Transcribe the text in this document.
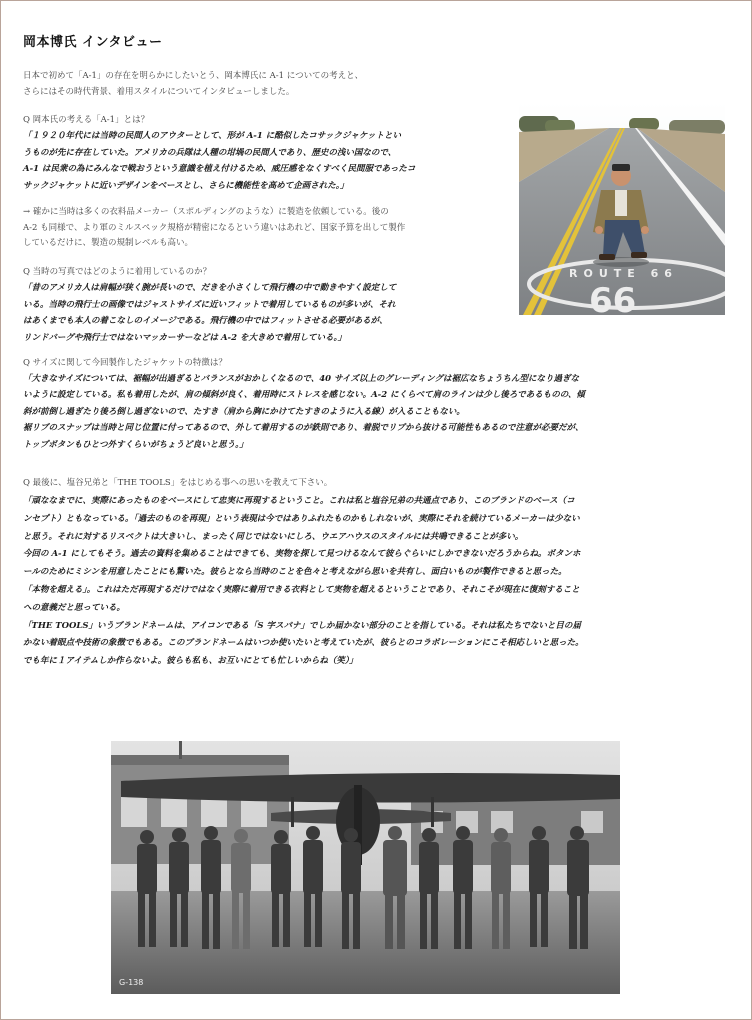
岡本博氏 インタビュー
日本で初めて「A-1」の存在を明らかにしたいとう、岡本博氏に A-1 についての考えと、
さらにはその時代背景、着用スタイルについてインタビューしました。
Q 岡本氏の考える「A-1」とは？
「１９２０年代には当時の民間人のアウターとして、形が A-1 に酷似したコサックジャケットとい
うものが先に存在していた。アメリカの兵隊は人種の坩堝の民間人であり、歴史の浅い国なので、
A-1 は民衆の為にみんなで戦おうという意識を植え付けるため、威圧感をなくすべく民間服であったコ
サックジャケットに近いデザインをベースとし、さらに機能性を高めて企画された。」
→ 確かに当時は多くの衣料品メーカー（スポルディングのような）に製造を依頼している。後の
A-2 も同様で、より軍のミルスペック規格が精密になるという違いはあれど、国家予算を出して製作
しているだけに、製造の規制レベルも高い。
Q 当時の写真ではどのように着用しているのか？
「昔のアメリカ人は肩幅が狭く腕が長いので、だきを小さくして飛行機の中で動きやすく設定して
いる。当時の飛行士の画像ではジャストサイズに近いフィットで着用しているものが多いが、それ
はあくまでも本人の着こなしのイメージである。飛行機の中ではフィットさせる必要があるが、
リンドバーグや飛行士ではないマッカーサーなどは A-2 を大きめで着用している。」
Q サイズに関して今回製作したジャケットの特徴は？
「大きなサイズについては、裾幅が出過ぎるとバランスがおかしくなるので、40 サイズ以上のグレーディングは裾広なちょうちん型になり過ぎな
いように設定している。私も着用したが、肩の傾斜が良く、着用時にストレスを感じない。A-2 にくらべて肩のラインは少し後ろであるものの、傾
斜が前倒し過ぎたり後ろ倒し過ぎないので、たすき（肩から胸にかけてたすきのように入る線）が入ることもない。
裾リブのスナップは当時と同じ位置に付ってあるので、外して着用するのが鉄則であり、着脱でリブから抜ける可能性もあるので注意が必要だが、
トップボタンもひとつ外すくらいがちょうど良いと思う。」
Q 最後に、塩谷兄弟と「THE TOOLS」をはじめる事への思いを教えて下さい。
「頑ななまでに、実際にあったものをベースにして忠実に再現するということ。これは私と塩谷兄弟の共通点であり、このブランドのベース（コ
ンセプト）ともなっている。「過去のものを再現」という表現は今ではありふれたものかもしれないが、実際にそれを続けているメーカーは少ない
と思う。それに対するリスペクトは大きいし、まったく同じではないにしろ、ウエアハウスのスタイルには共鳴できることが多い。
今回の A-1 にしてもそう。過去の資料を集めることはできても、実物を探して見つけるなんて彼らぐらいにしかできないだろうからね。ボタンホ
ールのためにミシンを用意したことにも驚いた。彼らとなら当時のことを色々と考えながら思いを共有し、面白いものが製作できると思った。
「本物を超える」。これはただ再現するだけではなく実際に着用できる衣料として実物を超えるということであり、それこそが現在に復刻すること
への意義だと思っている。
「THE TOOLS」いうブランドネームは、アイコンである「S 字スパナ」でしか届かない部分のことを指している。それは私たちでないと目の届
かない着眼点や技術の象徴でもある。このブランドネームはいつか使いたいと考えていたが、彼らとのコラボレーションにこそ相応しいと思った。
でも年に１アイテムしか作らないよ。彼らも私も、お互いにとても忙しいからね（笑）」
ROUTE 66
66
G-138
